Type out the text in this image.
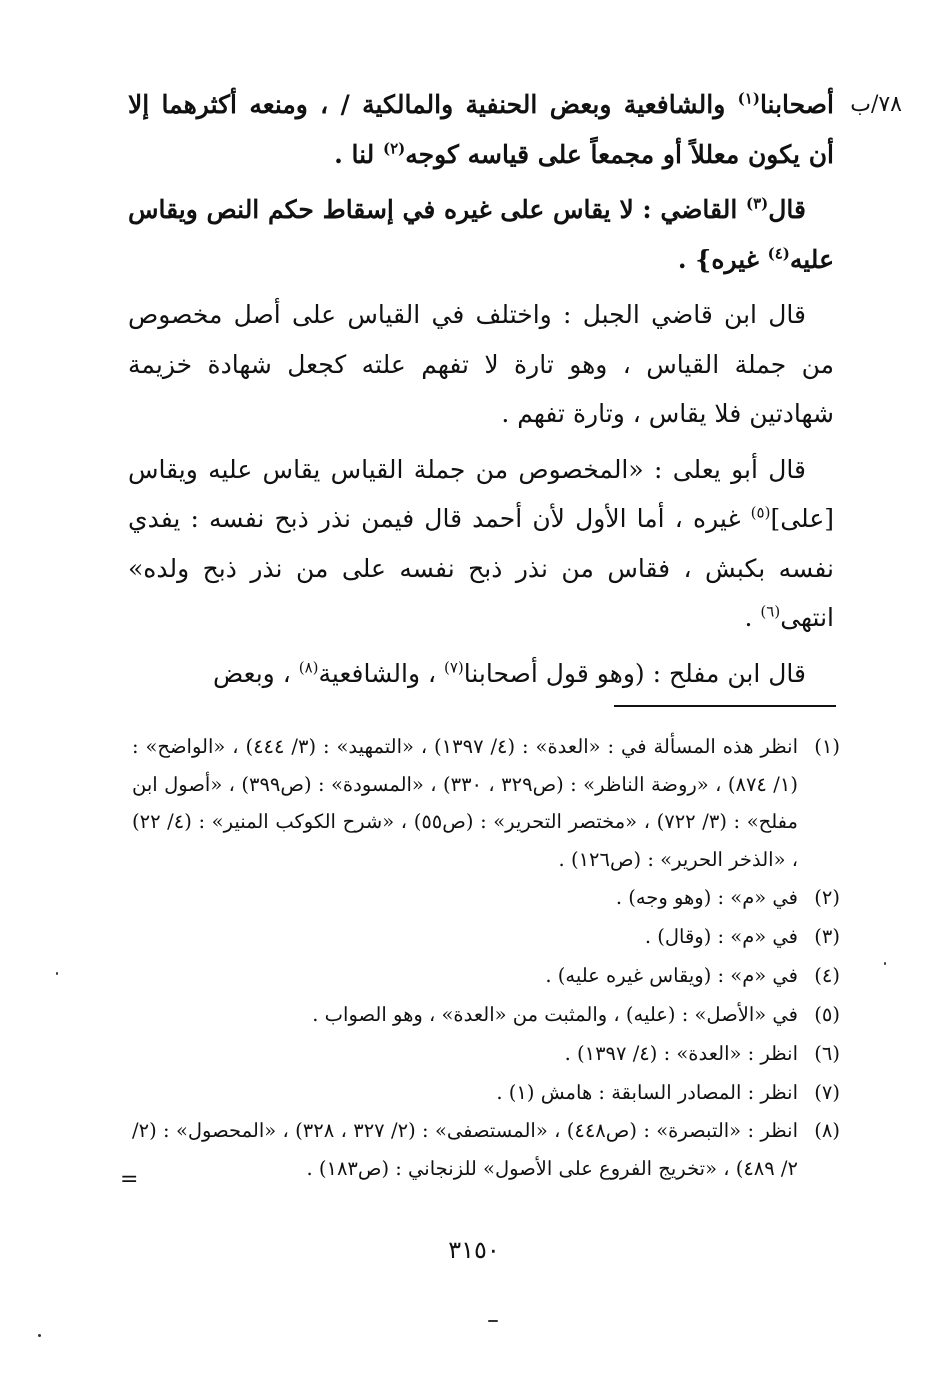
٧٨/ب

أصحابنا$^{(١)}$ والشافعية وبعض الحنفية والمالكية / ، ومنعه أكثرهما إلا أن يكون معللاً أو مجمعاً على قياسه كوجه$^{(٢)}$ لنا .

قال$^{(٣)}$ القاضي : لا يقاس على غيره في إسقاط حكم النص ويقاس عليه$^{(٤)}$ غيره} .

قال ابن قاضي الجبل : واختلف في القياس على أصل مخصوص من جملة القياس ، وهو تارة لا تفهم علته كجعل شهادة خزيمة شهادتين فلا يقاس ، وتارة تفهم .

قال أبو يعلى : «المخصوص من جملة القياس يقاس عليه ويقاس [على]$^{(٥)}$ غيره ، أما الأول لأن أحمد قال فيمن نذر ذبح نفسه : يفدي نفسه بكبش ، فقاس من نذر ذبح نفسه على من نذر ذبح ولده» انتهى$^{(٦)}$ .

قال ابن مفلح : (وهو قول أصحابنا$^{(٧)}$ ، والشافعية$^{(٨)}$ ، وبعض

(١)
انظر هذه المسألة في : «العدة» : (٤/ ١٣٩٧) ، «التمهيد» : (٣/ ٤٤٤) ، «الواضح» : (١/ ٨٧٤) ، «روضة الناظر» : (ص٣٢٩ ، ٣٣٠) ، «المسودة» : (ص٣٩٩) ، «أصول ابن مفلح» : (٣/ ٧٢٢) ، «مختصر التحرير» : (ص٥٥) ، «شرح الكوكب المنير» : (٤/ ٢٢) ، «الذخر الحرير» : (ص١٢٦) .
(٢)
في «م» : (وهو وجه) .
(٣)
في «م» : (وقال) .
(٤)
في «م» : (ويقاس غيره عليه) .
(٥)
في «الأصل» : (عليه) ، والمثبت من «العدة» ، وهو الصواب .
(٦)
انظر : «العدة» : (٤/ ١٣٩٧) .
(٧)
انظر : المصادر السابقة : هامش (١) .
(٨)
انظر : «التبصرة» : (ص٤٤٨) ، «المستصفى» : (٢/ ٣٢٧ ، ٣٢٨) ، «المحصول» : (٢/ ٢/ ٤٨٩) ، «تخريج الفروع على الأصول» للزنجاني : (ص١٨٣) .
=
٣١٥٠
